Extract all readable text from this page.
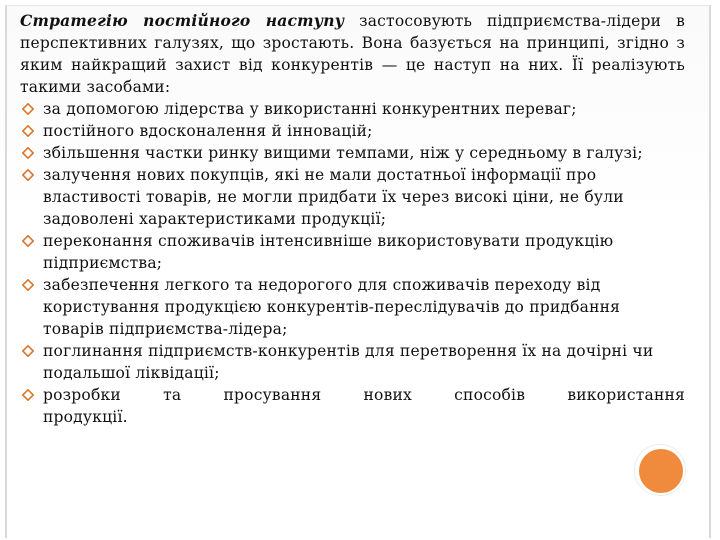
Стратегію постійного наступу застосовують підприємства-лідери в перспективних галузях, що зростають. Вона базується на принципі, згідно з яким найкращий захист від конкурентів — це наступ на них. Її реалізують такими засобами:

за допомогою лідерства у використанні конкурентних переваг;
постійного вдосконалення й інновацій;
збільшення частки ринку вищими темпами, ніж у середньому в галузі;
залучення нових покупців, які не мали достатньої інформації про властивості товарів, не могли придбати їх через високі ціни, не були задоволені характеристиками продукції;
переконання споживачів інтенсивніше використовувати продукцію підприємства;
забезпечення легкого та недорогого для споживачів переходу від користування продукцією конкурентів-переслідувачів до придбання товарів підприємства-лідера;
поглинання підприємств-конкурентів для перетворення їх на дочірні чи подальшої ліквідації;
розробки та просування нових способів використання
продукції.
